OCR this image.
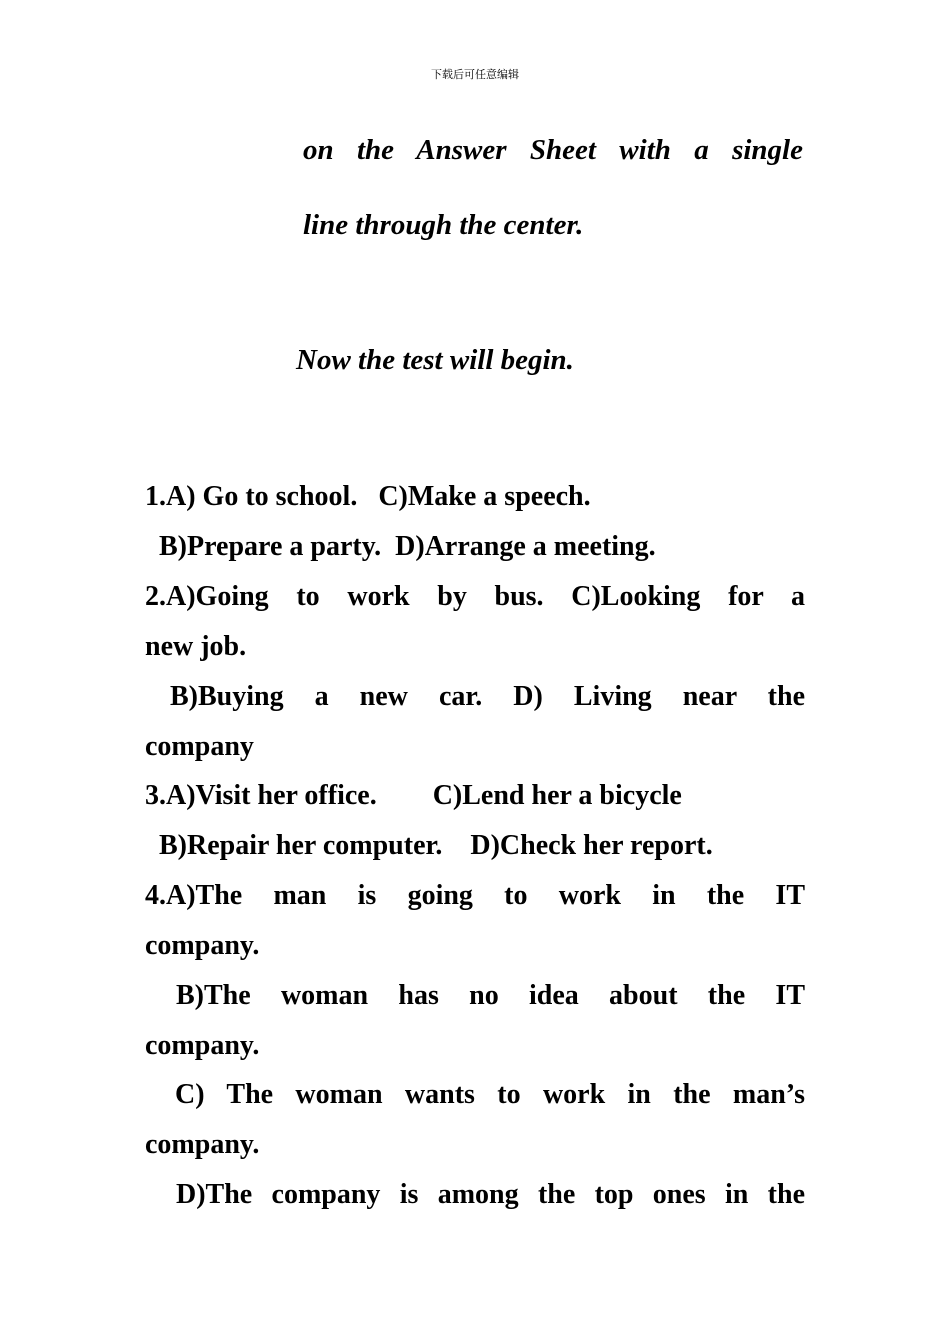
下载后可任意编辑

on the Answer Sheet with a single

line through the center.

Now the test will begin.

1.A) Go to school.   C)Make a speech.

B)Prepare a party.  D)Arrange a meeting.

2.A)Going to work by bus. C)Looking for a

new job.

B)Buying a new car. D) Living near the

company

3.A)Visit her office.        C)Lend her a bicycle

B)Repair her computer.    D)Check her report.

4.A)The man is going to work in the IT

company.

B)The woman has no idea about the IT

company.

C) The woman wants to work in the man’s

company.

D)The company is among the top ones in the
